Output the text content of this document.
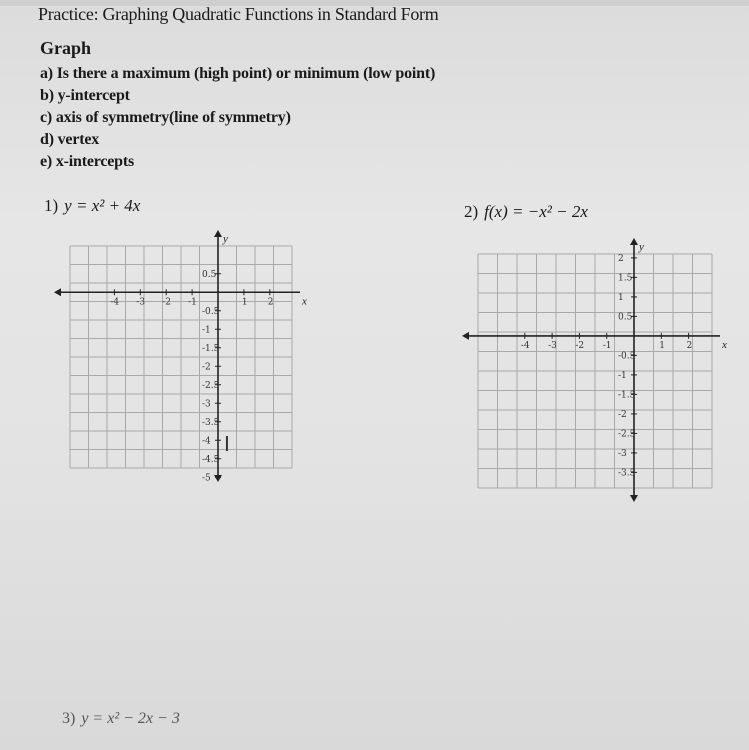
Practice: Graphing Quadratic Functions in Standard Form
Graph
a) Is there a maximum (high point) or minimum (low point)
b) y-intercept
c) axis of symmetry(line of symmetry)
d) vertex
e) x-intercepts
1) y = x² + 4x	2) f(x) = −x² − 2x
3) y = x² − 2x − 3
-4 -3 -2 -1	1 2	x
y
0.5
-0.5
-1
-1.5
-2
-2.5
-3
-3.5
-4
-4.5
-5
-4 -3 -2 -1	1 2	x
y
2
1.5
1
0.5
-0.5
-1
-1.5
-2
-2.5
-3
-3.5
I
